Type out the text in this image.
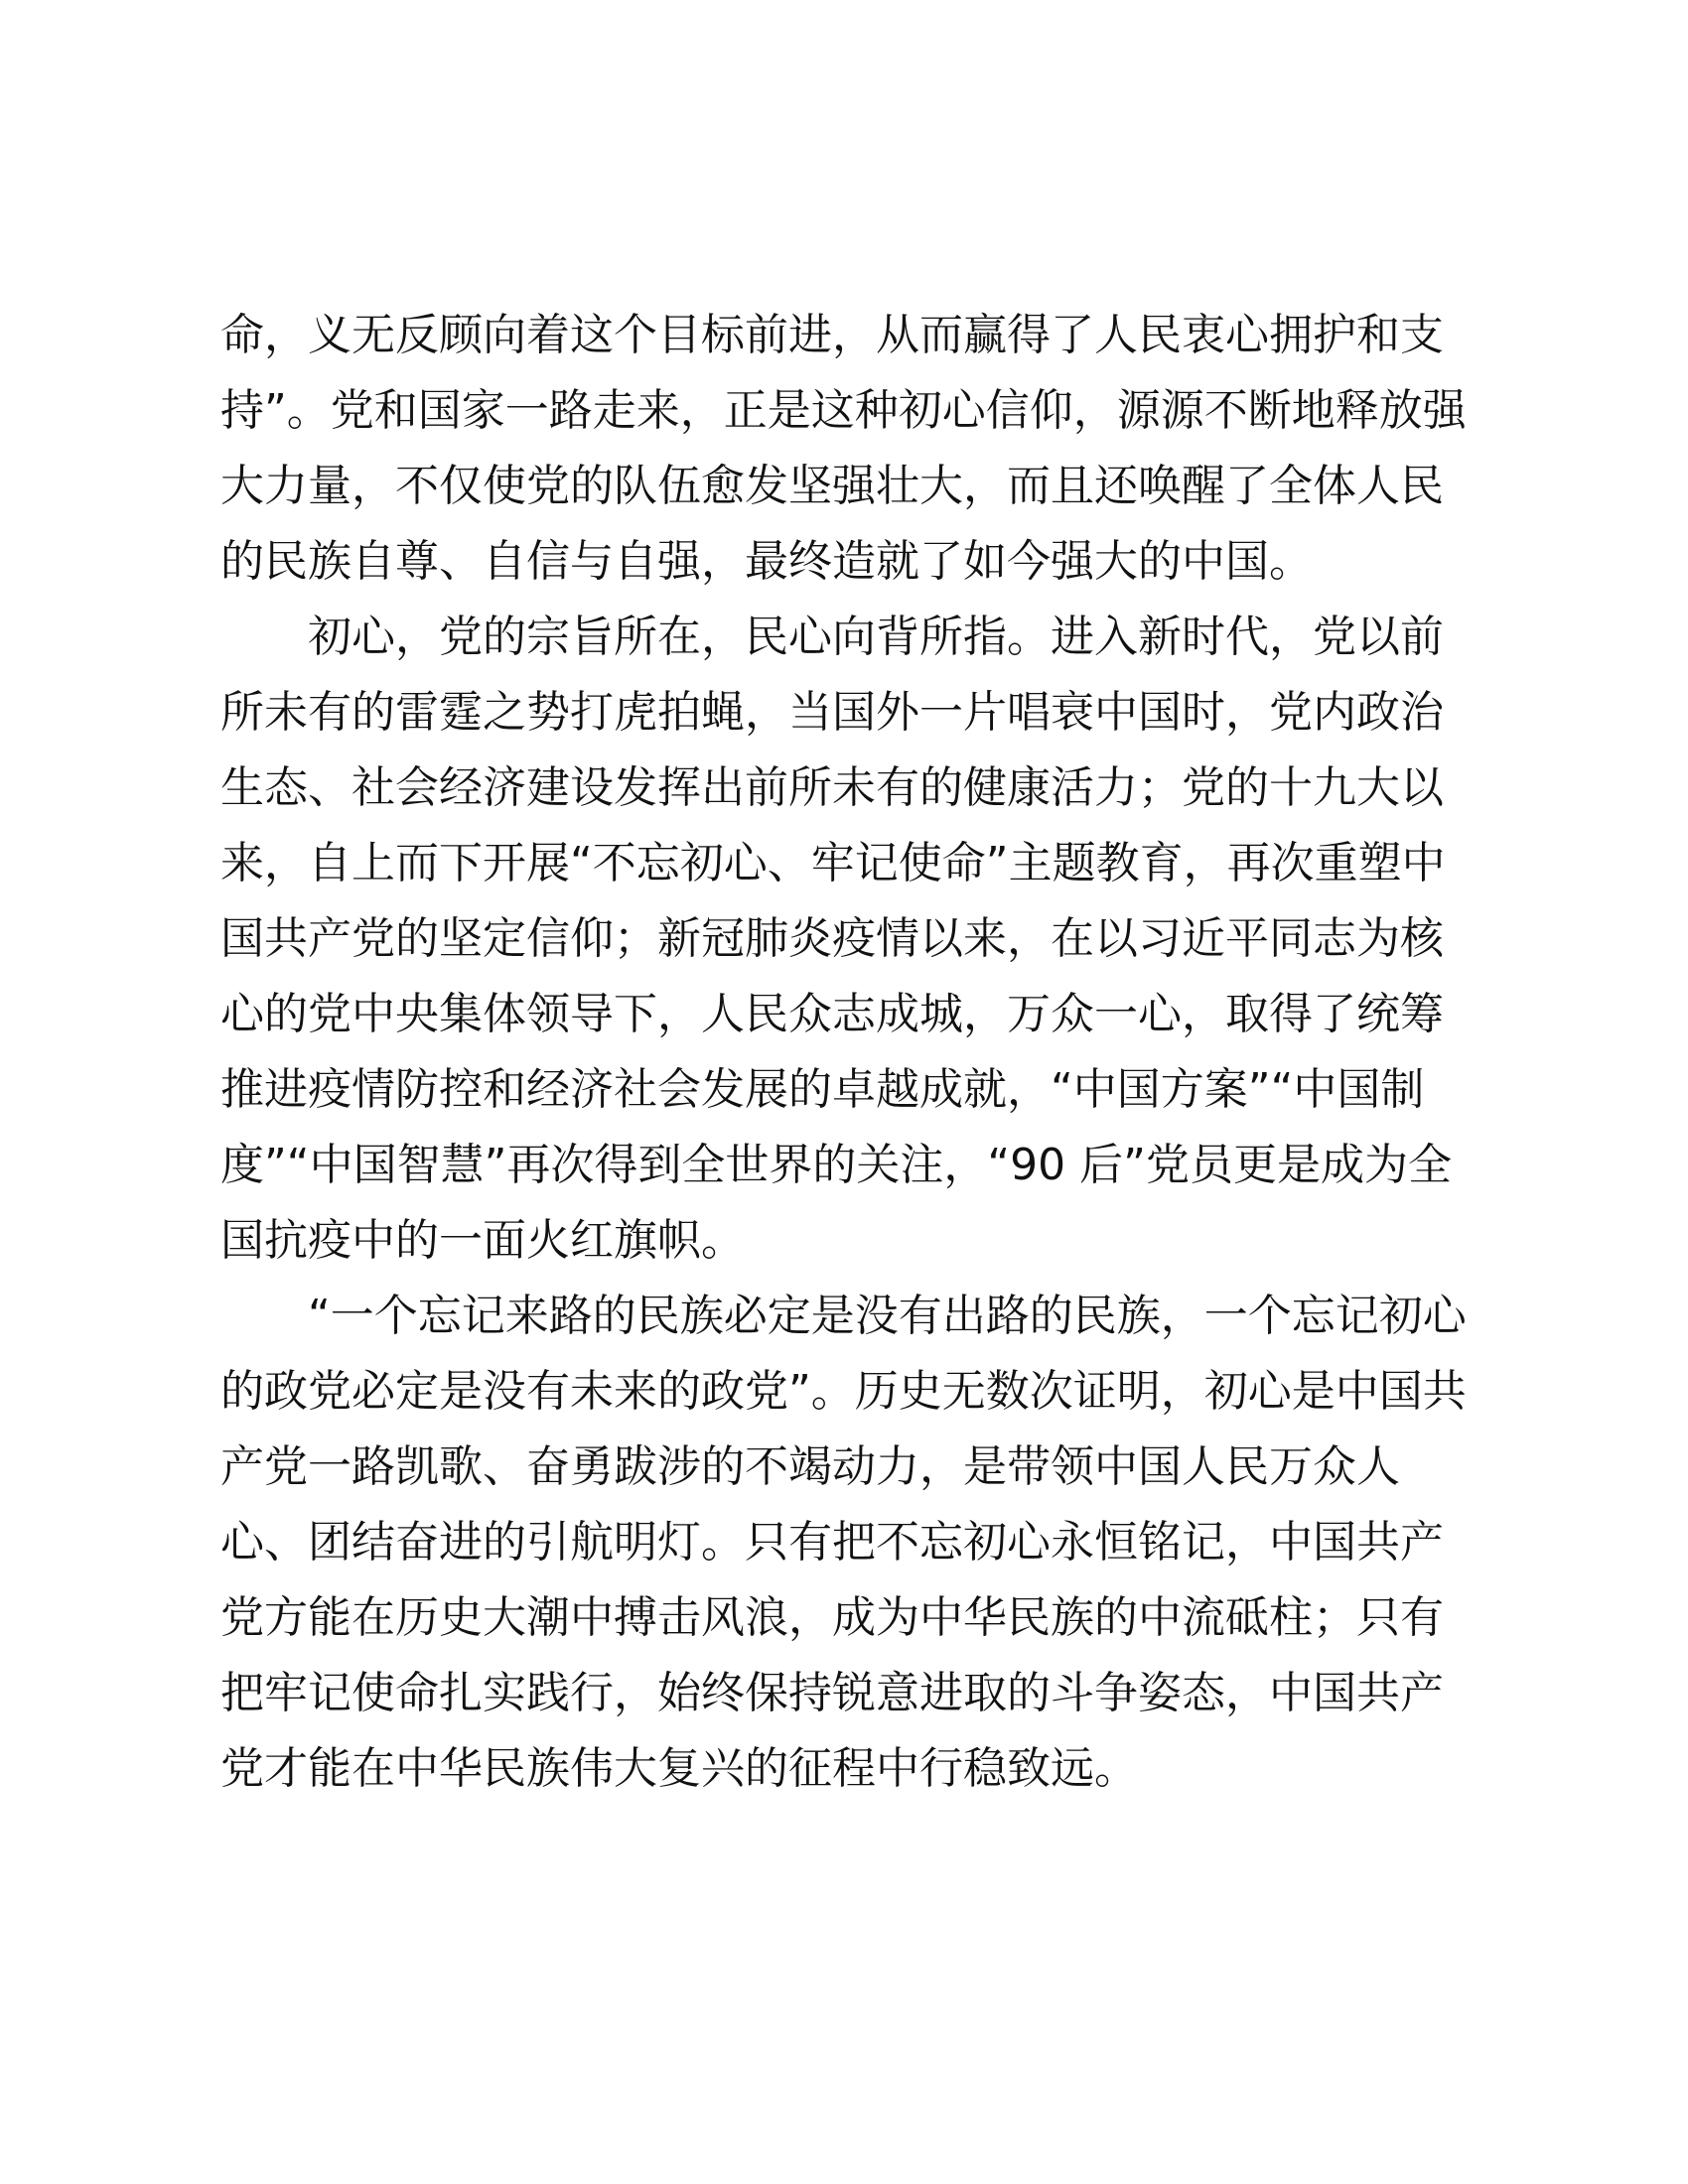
命，义无反顾向着这个目标前进，从而赢得了人民衷心拥护和支
持”。党和国家一路走来，正是这种初心信仰，源源不断地释放强
大力量，不仅使党的队伍愈发坚强壮大，而且还唤醒了全体人民
的民族自尊、自信与自强，最终造就了如今强大的中国。
初心，党的宗旨所在，民心向背所指。进入新时代，党以前
所未有的雷霆之势打虎拍蝇，当国外一片唱衰中国时，党内政治
生态、社会经济建设发挥出前所未有的健康活力；党的十九大以
来，自上而下开展“不忘初心、牢记使命”主题教育，再次重塑中
国共产党的坚定信仰；新冠肺炎疫情以来，在以习近平同志为核
心的党中央集体领导下，人民众志成城，万众一心，取得了统筹
推进疫情防控和经济社会发展的卓越成就，“中国方案”“中国制
度”“中国智慧”再次得到全世界的关注，“90 后”党员更是成为全
国抗疫中的一面火红旗帜。
“一个忘记来路的民族必定是没有出路的民族，一个忘记初心
的政党必定是没有未来的政党”。历史无数次证明，初心是中国共
产党一路凯歌、奋勇跋涉的不竭动力，是带领中国人民万众人
心、团结奋进的引航明灯。只有把不忘初心永恒铭记，中国共产
党方能在历史大潮中搏击风浪，成为中华民族的中流砥柱；只有
把牢记使命扎实践行，始终保持锐意进取的斗争姿态，中国共产
党才能在中华民族伟大复兴的征程中行稳致远。
